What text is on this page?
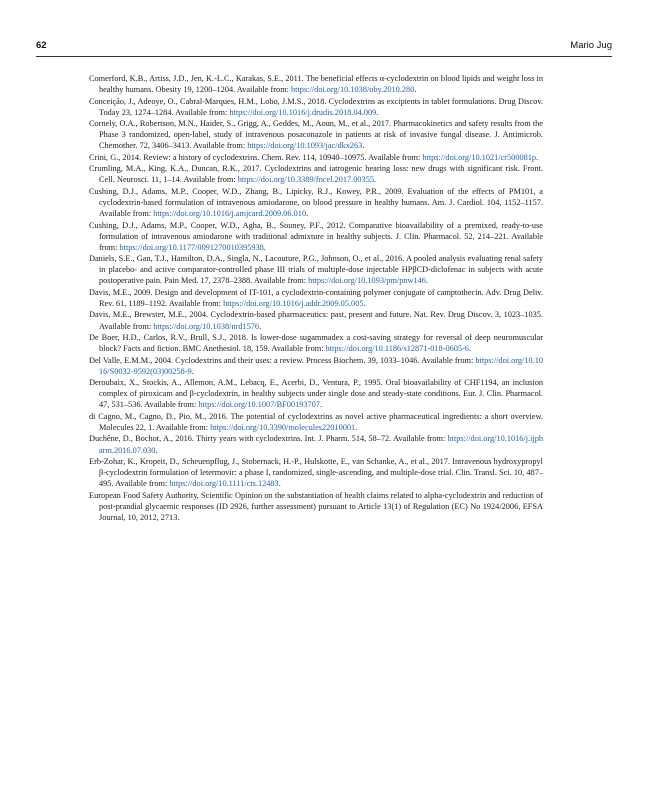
62	Mario Jug
Comerford, K.B., Artiss, J.D., Jen, K.-L.C., Karakas, S.E., 2011. The beneficial effects α-cyclodextrin on blood lipids and weight loss in healthy humans. Obesity 19, 1200–1204. Available from: https://doi.org/10.1038/oby.2010.280.
Conceição, J., Adeoye, O., Cabral-Marques, H.M., Lobo, J.M.S., 2018. Cyclodextrins as excipients in tablet formulations. Drug Discov. Today 23, 1274–1284. Available from: https://doi.org/10.1016/j.drudis.2018.04.009.
Cornely, O.A., Robertson, M.N., Haider, S., Grigg, A., Geddes, M., Aoun, M., et al., 2017. Pharmacokinetics and safety results from the Phase 3 randomized, open-label, study of intravenous posaconazole in patients at risk of invasive fungal disease. J. Antimicrob. Chemother. 72, 3406–3413. Available from: https://doi.org/10.1093/jac/dkx263.
Crini, G., 2014. Review: a history of cyclodextrins. Chem. Rev. 114, 10940–10975. Available from: https://doi.org/10.1021/cr500081p.
Crumling, M.A., King, K.A., Duncan, R.K., 2017. Cyclodextrins and iatrogenic hearing loss: new drugs with significant risk. Front. Cell. Neurosci. 11, 1–14. Available from: https://doi.org/10.3389/fncel.2017.00355.
Cushing, D.J., Adams, M.P., Cooper, W.D., Zhang, B., Lipicky, R.J., Kowey, P.R., 2009. Evaluation of the effects of PM101, a cyclodextrin-based formulation of intravenous amiodarone, on blood pressure in healthy humans. Am. J. Cardiol. 104, 1152–1157. Available from: https://doi.org/10.1016/j.amjcard.2009.06.010.
Cushing, D.J., Adams, M.P., Cooper, W.D., Agha, B., Souney, P.F., 2012. Comparative bioavailability of a premixed, ready-to-use formulation of intravenous amiodarone with traditional admixture in healthy subjects. J. Clin. Pharmacol. 52, 214–221. Available from: https://doi.org/10.1177/0091270010395938.
Daniels, S.E., Gan, T.J., Hamilton, D.A., Singla, N., Lacouture, P.G., Johnson, O., et al., 2016. A pooled analysis evaluating renal safety in placebo- and active comparator-controlled phase III trials of multiple-dose injectable HPβCD-diclofenac in subjects with acute postoperative pain. Pain Med. 17, 2378–2388. Available from: https://doi.org/10.1093/pm/pnw146.
Davis, M.E., 2009. Design and development of IT-101, a cyclodextrin-containing polymer conjugate of camptothecin. Adv. Drug Deliv. Rev. 61, 1189–1192. Available from: https://doi.org/10.1016/j.addr.2009.05.005.
Davis, M.E., Brewster, M.E., 2004. Cyclodextrin-based pharmaceutics: past, present and future. Nat. Rev. Drug Discov. 3, 1023–1035. Available from: https://doi.org/10.1038/nrd1576.
De Boer, H.D., Carlos, R.V., Brull, S.J., 2018. Is lower-dose sugammadex a cost-saving strategy for reversal of deep neuromuscular block? Facts and fiction. BMC Anethesiol. 18, 159. Available from: https://doi.org/10.1186/s12871-018-0605-6.
Del Valle, E.M.M., 2004. Cyclodextrins and their uses: a review. Process Biochem. 39, 1033–1046. Available from: https://doi.org/10.1016/S0032-9592(03)00258-9.
Deroubaix, X., Stockis, A., Allemon, A.M., Lebacq, E., Acerbi, D., Ventura, P., 1995. Oral bioavailability of CHF1194, an inclusion complex of piroxicam and β-cyclodextrin, in healthy subjects under single dose and steady-state conditions. Eur. J. Clin. Pharmacol. 47, 531–536. Available from: https://doi.org/10.1007/BF00193707.
di Cagno, M., Cagno, D., Pio, M., 2016. The potential of cyclodextrins as novel active pharmaceutical ingredients: a short overview. Molecules 22, 1. Available from: https://doi.org/10.3390/molecules22010001.
Duchêne, D., Bochot, A., 2016. Thirty years with cyclodextrins. Int. J. Pharm. 514, 58–72. Available from: https://doi.org/10.1016/j.ijpharm.2016.07.030.
Erb-Zohar, K., Kropeit, D., Scheuenpflug, J., Stobernack, H.-P., Hulskotte, E., van Schanke, A., et al., 2017. Intravenous hydroxypropyl β-cyclodextrin formulation of letermovir: a phase I, randomized, single-ascending, and multiple-dose trial. Clin. Transl. Sci. 10, 487–495. Available from: https://doi.org/10.1111/cts.12483.
European Food Safety Authority, Scientific Opinion on the substantiation of health claims related to alpha-cyclodextrin and reduction of post-prandial glycaemic responses (ID 2926, further assessment) pursuant to Article 13(1) of Regulation (EC) No 1924/2006, EFSA Journal, 10, 2012, 2713.
